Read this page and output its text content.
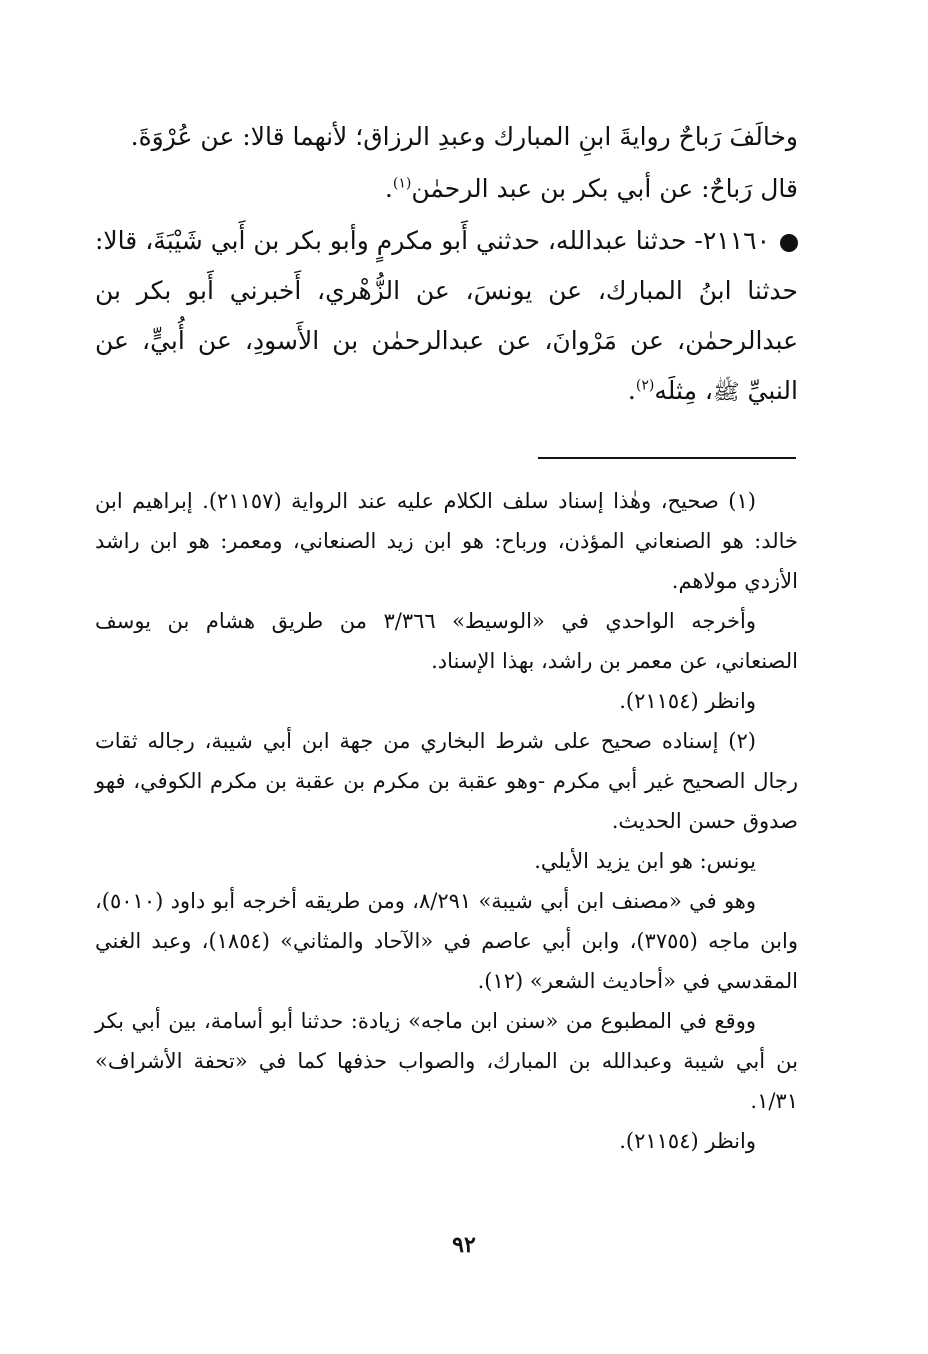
وخالَفَ رَباحٌ روايةَ ابنِ المبارك وعبدِ الرزاق؛ لأنهما قالا: عن عُرْوَةَ.

قال رَباحٌ: عن أبي بكر بن عبد الرحمٰن$^{(١)}$.

٢١١٦٠- حدثنا عبدالله، حدثني أَبو مكرمٍ وأبو بكر بن أَبي شَيْبَةَ، قالا: حدثنا ابنُ المبارك، عن يونسَ، عن الزُّهْري، أَخبرني أَبو بكر بن عبدالرحمٰن، عن مَرْوانَ، عن عبدالرحمٰن بن الأَسودِ، عن أُبيٍّ، عن النبيِّ ﷺ، مِثلَه$^{(٢)}$.

(١) صحيح، وهٰذا إسناد سلف الكلام عليه عند الرواية (٢١١٥٧). إبراهيم ابن خالد: هو الصنعاني المؤذن، ورباح: هو ابن زيد الصنعاني، ومعمر: هو ابن راشد الأزدي مولاهم.

وأخرجه الواحدي في «الوسيط» ٣/٣٦٦ من طريق هشام بن يوسف الصنعاني، عن معمر بن راشد، بهذا الإسناد.

وانظر (٢١١٥٤).

(٢) إسناده صحيح على شرط البخاري من جهة ابن أبي شيبة، رجاله ثقات رجال الصحيح غير أبي مكرم -وهو عقبة بن مكرم بن عقبة بن مكرم الكوفي، فهو صدوق حسن الحديث.

يونس: هو ابن يزيد الأيلي.

وهو في «مصنف ابن أبي شيبة» ٨/٢٩١، ومن طريقه أخرجه أبو داود (٥٠١٠)، وابن ماجه (٣٧٥٥)، وابن أبي عاصم في «الآحاد والمثاني» (١٨٥٤)، وعبد الغني المقدسي في «أحاديث الشعر» (١٢).

ووقع في المطبوع من «سنن ابن ماجه» زيادة: حدثنا أبو أسامة، بين أبي بكر بن أبي شيبة وعبدالله بن المبارك، والصواب حذفها كما في «تحفة الأشراف» ١/٣١.

وانظر (٢١١٥٤).

٩٢
